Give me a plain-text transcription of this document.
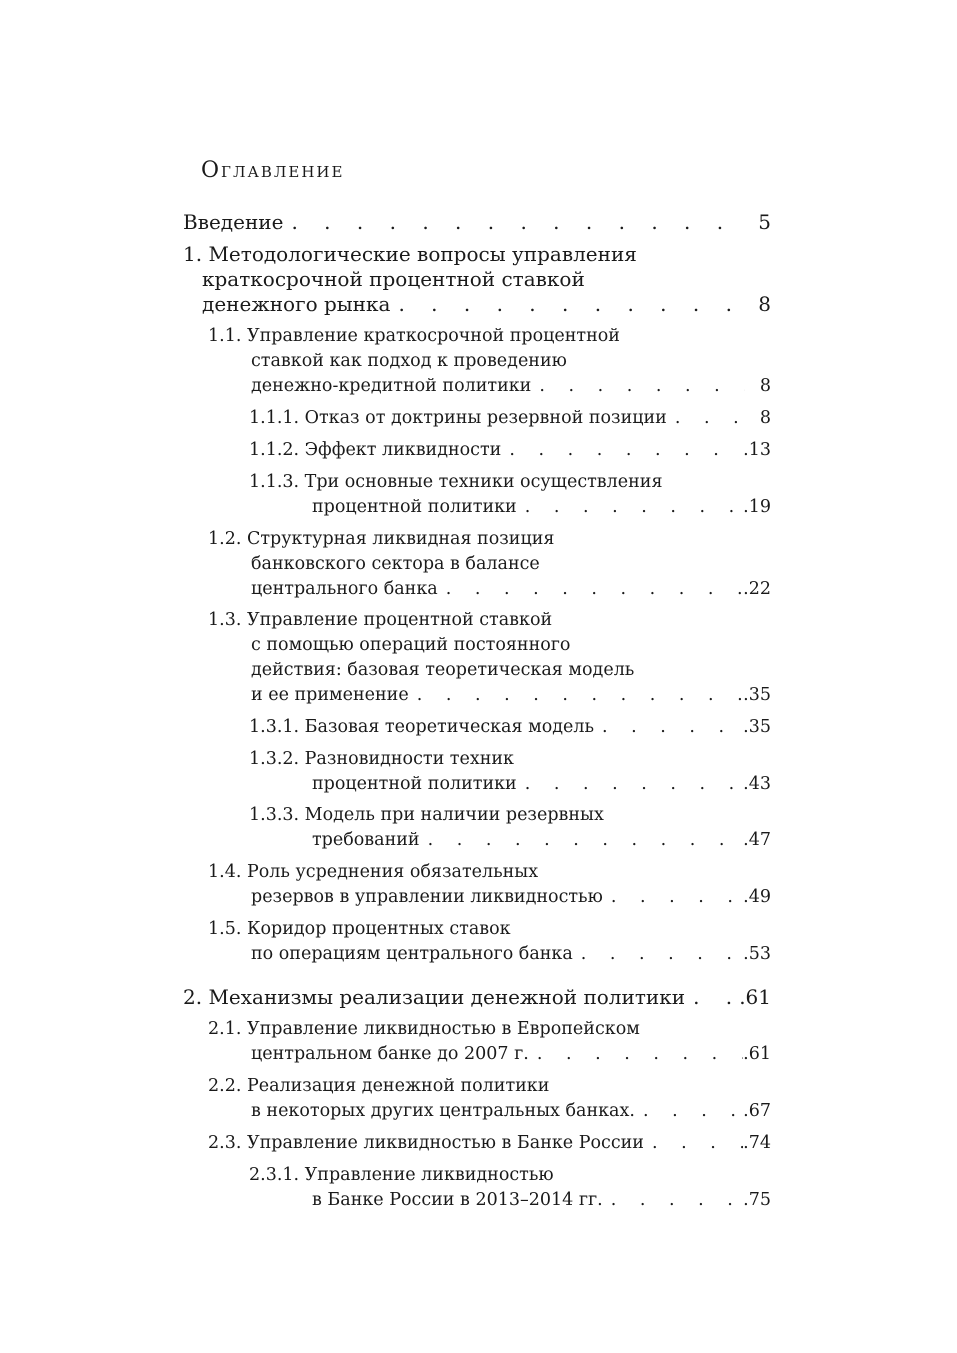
Оглавление
Введение . . .	5
1. Методологические вопросы управления
краткосрочной процентной ставкой
денежного рынка . . .	8
1.1. Управление краткосрочной процентной
ставкой как подход к проведению
денежно-кредитной политики . . .	8
1.1.1. Отказ от доктрины резервной позиции . . .	8
1.1.2. Эффект ликвидности . . .	.13
1.1.3. Три основные техники осуществления
процентной политики . . .	.19
1.2. Структурная ликвидная позиция
банковского сектора в балансе
центрального банка . . .	.22
1.3. Управление процентной ставкой
с помощью операций постоянного
действия: базовая теоретическая модель
и ее применение . . .	.35
1.3.1. Базовая теоретическая модель . . .	.35
1.3.2. Разновидности техник
процентной политики . . .	.43
1.3.3. Модель при наличии резервных
требований . . .	.47
1.4. Роль усреднения обязательных
резервов в управлении ликвидностью . . .	.49
1.5. Коридор процентных ставок
по операциям центрального банка . . .	.53
2. Механизмы реализации денежной политики . . .	.61
2.1. Управление ликвидностью в Европейском
центральном банке до 2007 г. . . .	.61
2.2. Реализация денежной политики
в некоторых других центральных банках. . . .	.67
2.3. Управление ликвидностью в Банке России . . .	.74
2.3.1. Управление ликвидностью
в Банке России в 2013–2014 гг. . . .	.75
